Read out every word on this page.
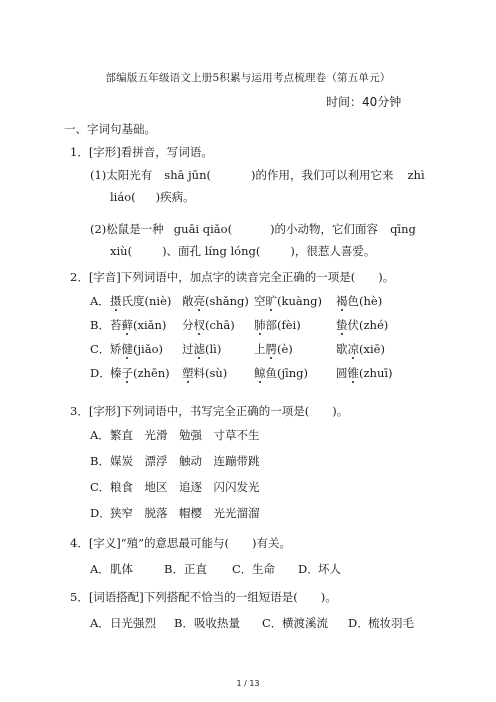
部编版五年级语文上册5积累与运用考点梳理卷（第五单元）
时间：40分钟
一、字词句基础。
1．[字形]看拼音，写词语。
(1)太阳光有 shā jūn(	)的作用，我们可以利用它来 zhì
liáo( )疾病。
(2)松鼠是一种 guāi qiǎo(	)的小动物，它们面容 qīng
xiù(	)、面孔 líng lóng(	)，很惹人喜爱。
2．[字音]下列词语中，加点字的读音完全正确的一项是(　　)。
A．摄氏度(niè) 敞亮(shǎng) 空旷(kuàng) 褐色(hè)
B．苔藓(xiǎn) 分杈(chā) 肺部(fèi)	蛰伏(zhé)
C．矫健(jiǎo) 过滤(lì)	上腭(è)	歇凉(xiē)
D．榛子(zhēn) 塑料(sù) 鲸鱼(jīng) 圆锥(zhuī)
3．[字形]下列词语中，书写完全正确的一项是(　　)。
A．繁直　光滑　勉强　寸草不生
B．媒炭　漂浮　触动　连蹦带跳
C．粮食　地区　追逐　闪闪发光
D．狭窄　脱落　帽樱　光光溜溜
4．[字义]“殖”的意思最可能与(　　)有关。
A．肌体	B．正直 C．生命 D．坏人
5．[词语搭配]下列搭配不恰当的一组短语是(　　)。
A．日光强烈 B．吸收热量 C．横渡溪流 D．梳妆羽毛
1 / 13
